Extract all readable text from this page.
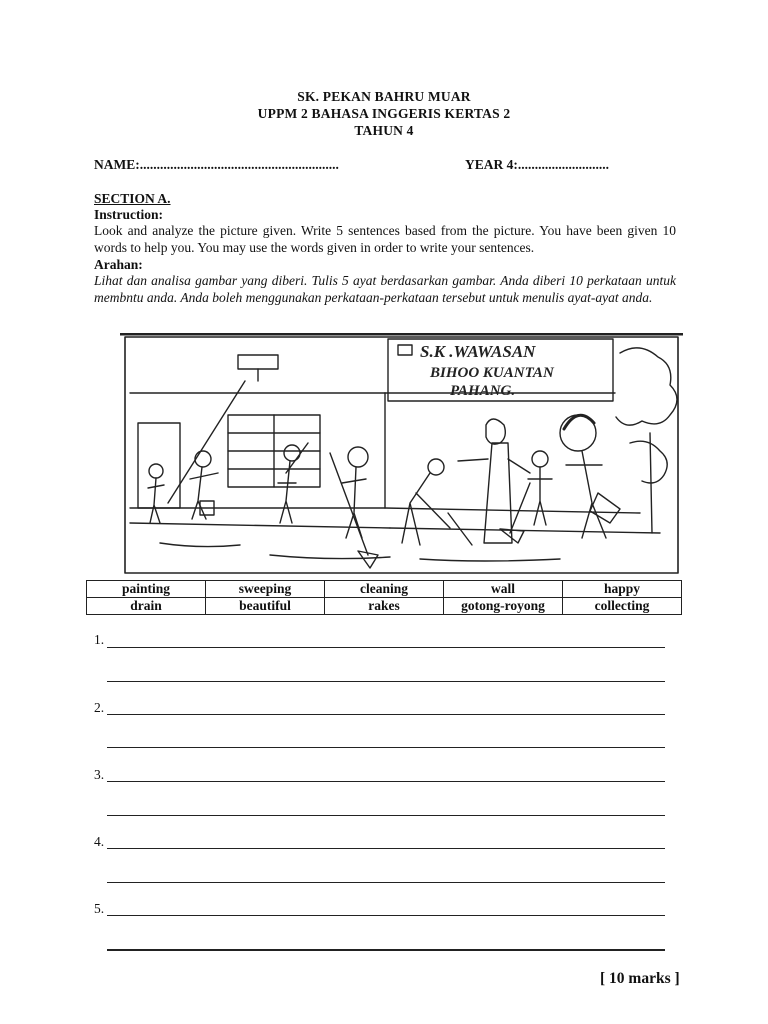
SK. PEKAN BAHRU MUAR
UPPM 2 BAHASA INGGERIS KERTAS 2
TAHUN 4
NAME:...........................................................	YEAR 4:...........................
SECTION A.
Instruction:
Look and analyze the picture given. Write 5 sentences based from the picture. You have been given 10 words to help you. You may use the words given in order to write your sentences.
Arahan:
Lihat dan analisa gambar yang diberi. Tulis 5 ayat berdasarkan gambar. Anda diberi 10 perkataan untuk membntu anda. Anda boleh menggunakan perkataan-perkataan tersebut untuk menulis ayat-ayat anda.
S.K .WAWASAN
BIHOO KUANTAN
PAHANG.
painting	sweeping	cleaning	wall	happy
drain	beautiful	rakes	gotong-royong	collecting
1.
2.
3.
4.
5.
[ 10 marks ]
